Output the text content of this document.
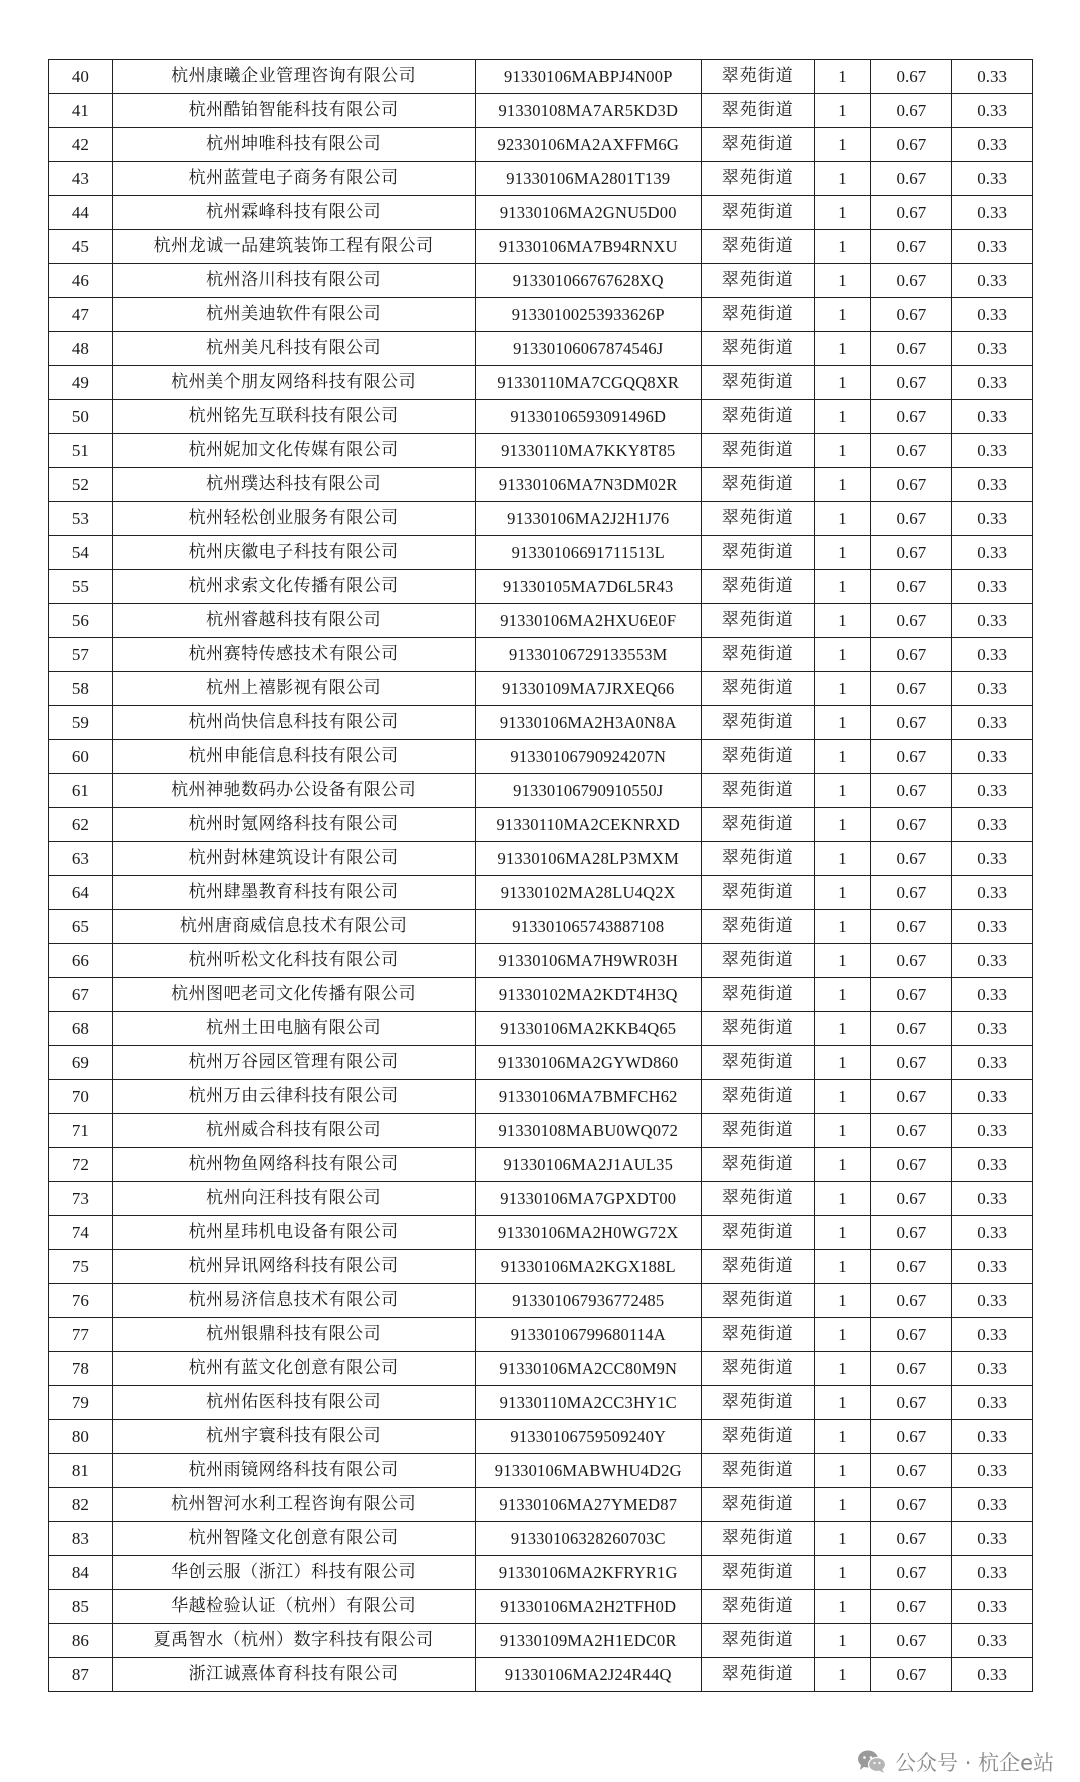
40	杭州康曦企业管理咨询有限公司	91330106MABPJ4N00P	翠苑街道	1	0.67	0.33
41	杭州酷铂智能科技有限公司	91330108MA7AR5KD3D	翠苑街道	1	0.67	0.33
42	杭州坤唯科技有限公司	92330106MA2AXFFM6G	翠苑街道	1	0.67	0.33
43	杭州蓝萱电子商务有限公司	91330106MA2801T139	翠苑街道	1	0.67	0.33
44	杭州霖峰科技有限公司	91330106MA2GNU5D00	翠苑街道	1	0.67	0.33
45	杭州龙诚一品建筑装饰工程有限公司	91330106MA7B94RNXU	翠苑街道	1	0.67	0.33
46	杭州洛川科技有限公司	913301066767628XQ	翠苑街道	1	0.67	0.33
47	杭州美迪软件有限公司	91330100253933626P	翠苑街道	1	0.67	0.33
48	杭州美凡科技有限公司	91330106067874546J	翠苑街道	1	0.67	0.33
49	杭州美个朋友网络科技有限公司	91330110MA7CGQQ8XR	翠苑街道	1	0.67	0.33
50	杭州铭先互联科技有限公司	91330106593091496D	翠苑街道	1	0.67	0.33
51	杭州妮加文化传媒有限公司	91330110MA7KKY8T85	翠苑街道	1	0.67	0.33
52	杭州璞达科技有限公司	91330106MA7N3DM02R	翠苑街道	1	0.67	0.33
53	杭州轻松创业服务有限公司	91330106MA2J2H1J76	翠苑街道	1	0.67	0.33
54	杭州庆徽电子科技有限公司	91330106691711513L	翠苑街道	1	0.67	0.33
55	杭州求索文化传播有限公司	91330105MA7D6L5R43	翠苑街道	1	0.67	0.33
56	杭州睿越科技有限公司	91330106MA2HXU6E0F	翠苑街道	1	0.67	0.33
57	杭州赛特传感技术有限公司	91330106729133553M	翠苑街道	1	0.67	0.33
58	杭州上禧影视有限公司	91330109MA7JRXEQ66	翠苑街道	1	0.67	0.33
59	杭州尚快信息科技有限公司	91330106MA2H3A0N8A	翠苑街道	1	0.67	0.33
60	杭州申能信息科技有限公司	91330106790924207N	翠苑街道	1	0.67	0.33
61	杭州神驰数码办公设备有限公司	91330106790910550J	翠苑街道	1	0.67	0.33
62	杭州时氪网络科技有限公司	91330110MA2CEKNRXD	翠苑街道	1	0.67	0.33
63	杭州尌林建筑设计有限公司	91330106MA28LP3MXM	翠苑街道	1	0.67	0.33
64	杭州肆墨教育科技有限公司	91330102MA28LU4Q2X	翠苑街道	1	0.67	0.33
65	杭州唐商威信息技术有限公司	913301065743887108	翠苑街道	1	0.67	0.33
66	杭州听松文化科技有限公司	91330106MA7H9WR03H	翠苑街道	1	0.67	0.33
67	杭州图吧老司文化传播有限公司	91330102MA2KDT4H3Q	翠苑街道	1	0.67	0.33
68	杭州土田电脑有限公司	91330106MA2KKB4Q65	翠苑街道	1	0.67	0.33
69	杭州万谷园区管理有限公司	91330106MA2GYWD860	翠苑街道	1	0.67	0.33
70	杭州万由云律科技有限公司	91330106MA7BMFCH62	翠苑街道	1	0.67	0.33
71	杭州威合科技有限公司	91330108MABU0WQ072	翠苑街道	1	0.67	0.33
72	杭州物鱼网络科技有限公司	91330106MA2J1AUL35	翠苑街道	1	0.67	0.33
73	杭州向汪科技有限公司	91330106MA7GPXDT00	翠苑街道	1	0.67	0.33
74	杭州星玮机电设备有限公司	91330106MA2H0WG72X	翠苑街道	1	0.67	0.33
75	杭州异讯网络科技有限公司	91330106MA2KGX188L	翠苑街道	1	0.67	0.33
76	杭州易济信息技术有限公司	913301067936772485	翠苑街道	1	0.67	0.33
77	杭州银鼎科技有限公司	91330106799680114A	翠苑街道	1	0.67	0.33
78	杭州有蓝文化创意有限公司	91330106MA2CC80M9N	翠苑街道	1	0.67	0.33
79	杭州佑医科技有限公司	91330110MA2CC3HY1C	翠苑街道	1	0.67	0.33
80	杭州宇寰科技有限公司	91330106759509240Y	翠苑街道	1	0.67	0.33
81	杭州雨镜网络科技有限公司	91330106MABWHU4D2G	翠苑街道	1	0.67	0.33
82	杭州智河水利工程咨询有限公司	91330106MA27YMED87	翠苑街道	1	0.67	0.33
83	杭州智隆文化创意有限公司	91330106328260703C	翠苑街道	1	0.67	0.33
84	华创云服（浙江）科技有限公司	91330106MA2KFRYR1G	翠苑街道	1	0.67	0.33
85	华越检验认证（杭州）有限公司	91330106MA2H2TFH0D	翠苑街道	1	0.67	0.33
86	夏禹智水（杭州）数字科技有限公司	91330109MA2H1EDC0R	翠苑街道	1	0.67	0.33
87	浙江诚熹体育科技有限公司	91330106MA2J24R44Q	翠苑街道	1	0.67	0.33
公众号 · 杭企e站
